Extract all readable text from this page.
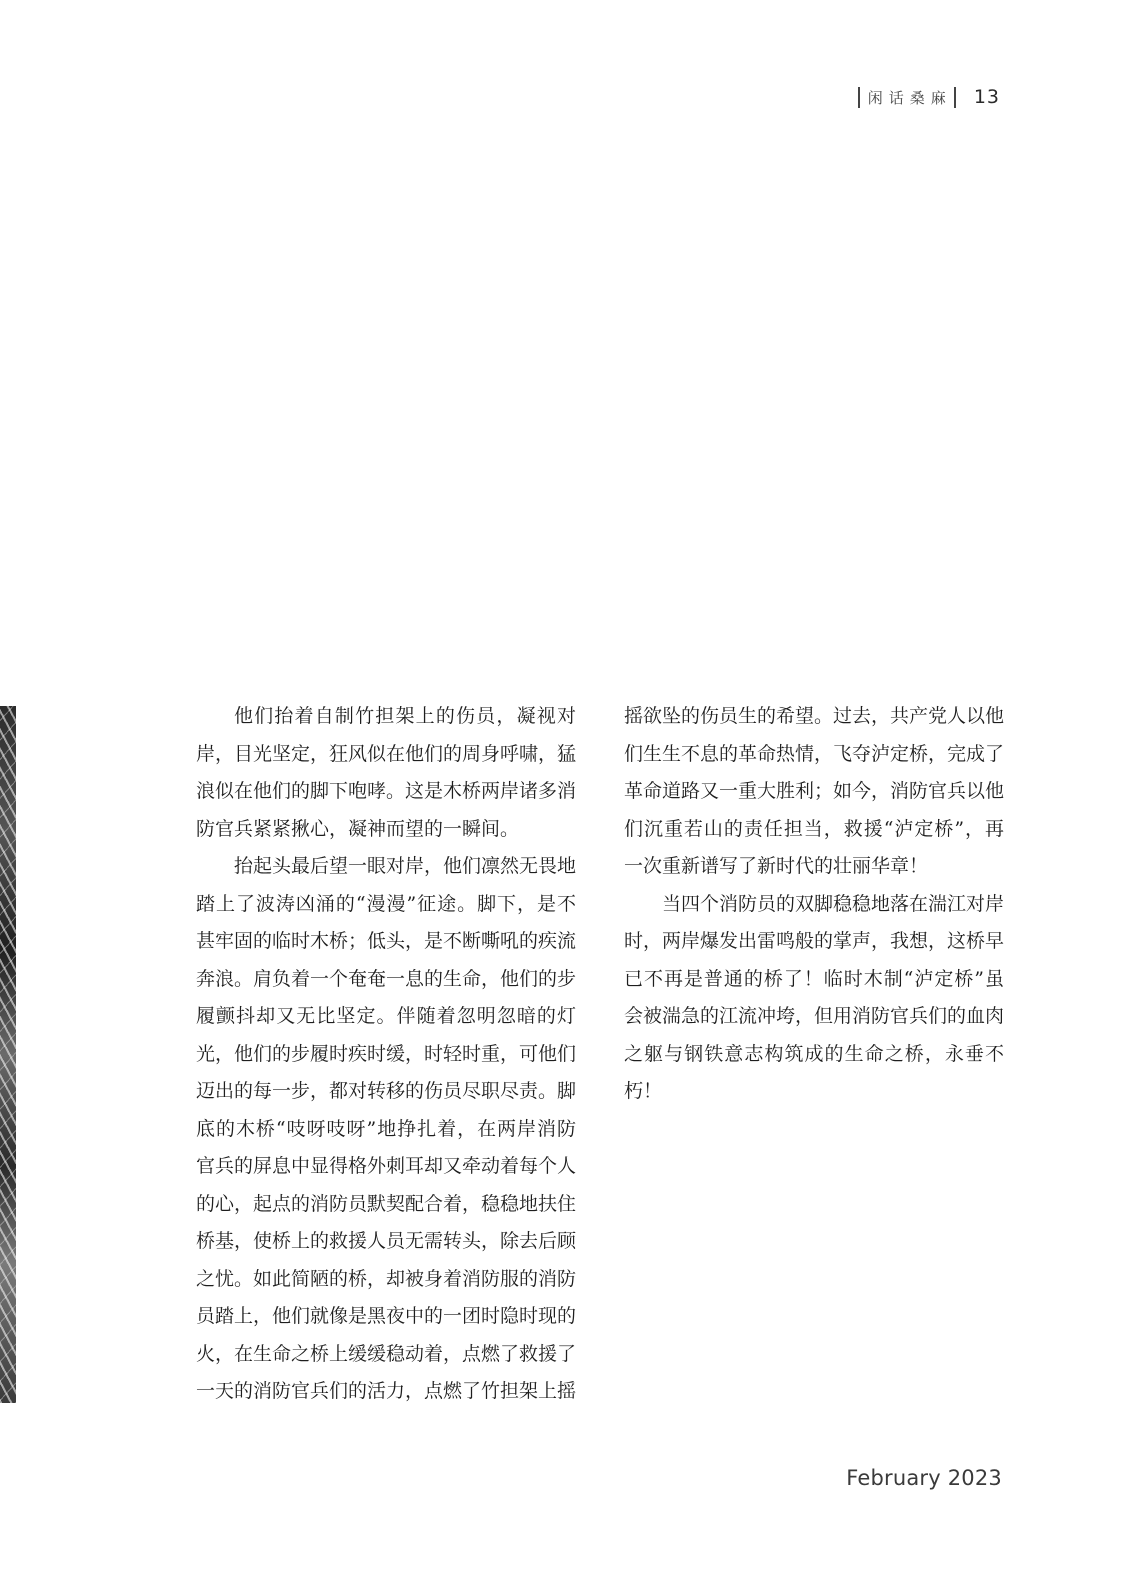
闲话桑麻 13

他们抬着自制竹担架上的伤员，凝视对岸，目光坚定，狂风似在他们的周身呼啸，猛浪似在他们的脚下咆哮。这是木桥两岸诸多消防官兵紧紧揪心，凝神而望的一瞬间。

抬起头最后望一眼对岸，他们凛然无畏地踏上了波涛凶涌的“漫漫”征途。脚下，是不甚牢固的临时木桥；低头，是不断嘶吼的疾流奔浪。肩负着一个奄奄一息的生命，他们的步履颤抖却又无比坚定。伴随着忽明忽暗的灯光，他们的步履时疾时缓，时轻时重，可他们迈出的每一步，都对转移的伤员尽职尽责。脚底的木桥“吱呀吱呀”地挣扎着，在两岸消防官兵的屏息中显得格外刺耳却又牵动着每个人的心，起点的消防员默契配合着，稳稳地扶住桥基，使桥上的救援人员无需转头，除去后顾之忧。如此简陋的桥，却被身着消防服的消防员踏上，他们就像是黑夜中的一团时隐时现的火，在生命之桥上缓缓稳动着，点燃了救援了一天的消防官兵们的活力，点燃了竹担架上摇

摇欲坠的伤员生的希望。过去，共产党人以他们生生不息的革命热情，飞夺泸定桥，完成了革命道路又一重大胜利；如今，消防官兵以他们沉重若山的责任担当，救援“泸定桥”，再一次重新谱写了新时代的壮丽华章！

当四个消防员的双脚稳稳地落在湍江对岸时，两岸爆发出雷鸣般的掌声，我想，这桥早已不再是普通的桥了！临时木制“泸定桥”虽会被湍急的江流冲垮，但用消防官兵们的血肉之躯与钢铁意志构筑成的生命之桥，永垂不朽！

February 2023
